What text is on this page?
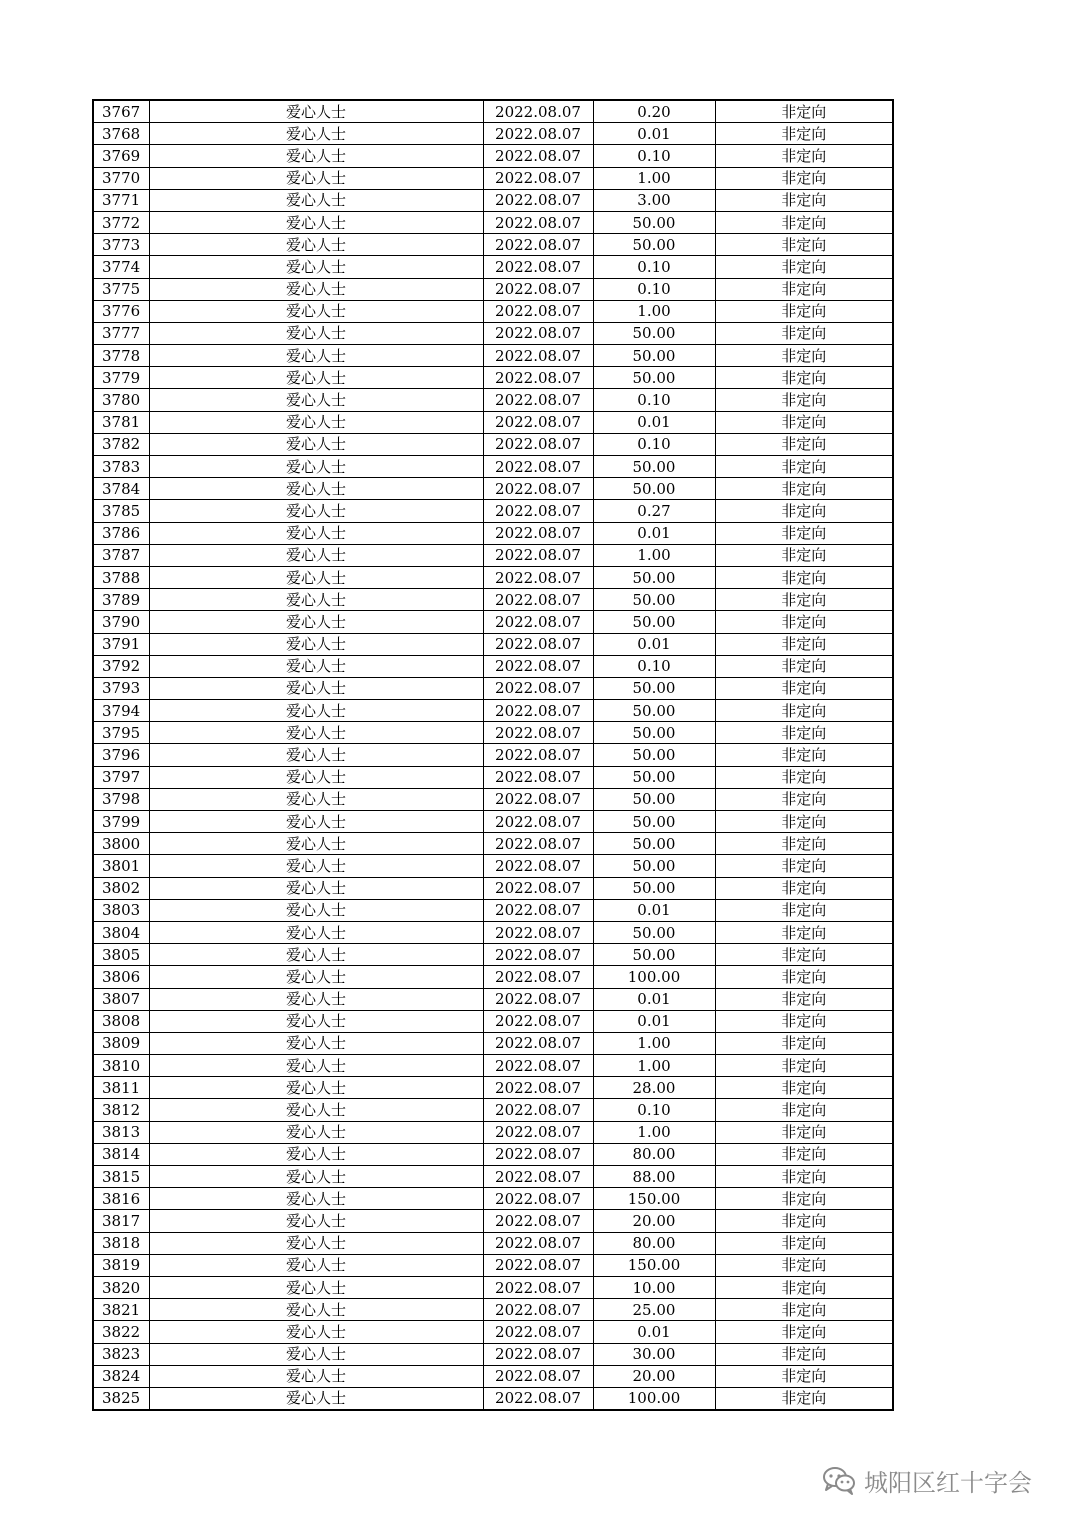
3767	爱心人士	2022.08.07	0.20	非定向
3768	爱心人士	2022.08.07	0.01	非定向
3769	爱心人士	2022.08.07	0.10	非定向
3770	爱心人士	2022.08.07	1.00	非定向
3771	爱心人士	2022.08.07	3.00	非定向
3772	爱心人士	2022.08.07	50.00	非定向
3773	爱心人士	2022.08.07	50.00	非定向
3774	爱心人士	2022.08.07	0.10	非定向
3775	爱心人士	2022.08.07	0.10	非定向
3776	爱心人士	2022.08.07	1.00	非定向
3777	爱心人士	2022.08.07	50.00	非定向
3778	爱心人士	2022.08.07	50.00	非定向
3779	爱心人士	2022.08.07	50.00	非定向
3780	爱心人士	2022.08.07	0.10	非定向
3781	爱心人士	2022.08.07	0.01	非定向
3782	爱心人士	2022.08.07	0.10	非定向
3783	爱心人士	2022.08.07	50.00	非定向
3784	爱心人士	2022.08.07	50.00	非定向
3785	爱心人士	2022.08.07	0.27	非定向
3786	爱心人士	2022.08.07	0.01	非定向
3787	爱心人士	2022.08.07	1.00	非定向
3788	爱心人士	2022.08.07	50.00	非定向
3789	爱心人士	2022.08.07	50.00	非定向
3790	爱心人士	2022.08.07	50.00	非定向
3791	爱心人士	2022.08.07	0.01	非定向
3792	爱心人士	2022.08.07	0.10	非定向
3793	爱心人士	2022.08.07	50.00	非定向
3794	爱心人士	2022.08.07	50.00	非定向
3795	爱心人士	2022.08.07	50.00	非定向
3796	爱心人士	2022.08.07	50.00	非定向
3797	爱心人士	2022.08.07	50.00	非定向
3798	爱心人士	2022.08.07	50.00	非定向
3799	爱心人士	2022.08.07	50.00	非定向
3800	爱心人士	2022.08.07	50.00	非定向
3801	爱心人士	2022.08.07	50.00	非定向
3802	爱心人士	2022.08.07	50.00	非定向
3803	爱心人士	2022.08.07	0.01	非定向
3804	爱心人士	2022.08.07	50.00	非定向
3805	爱心人士	2022.08.07	50.00	非定向
3806	爱心人士	2022.08.07	100.00	非定向
3807	爱心人士	2022.08.07	0.01	非定向
3808	爱心人士	2022.08.07	0.01	非定向
3809	爱心人士	2022.08.07	1.00	非定向
3810	爱心人士	2022.08.07	1.00	非定向
3811	爱心人士	2022.08.07	28.00	非定向
3812	爱心人士	2022.08.07	0.10	非定向
3813	爱心人士	2022.08.07	1.00	非定向
3814	爱心人士	2022.08.07	80.00	非定向
3815	爱心人士	2022.08.07	88.00	非定向
3816	爱心人士	2022.08.07	150.00	非定向
3817	爱心人士	2022.08.07	20.00	非定向
3818	爱心人士	2022.08.07	80.00	非定向
3819	爱心人士	2022.08.07	150.00	非定向
3820	爱心人士	2022.08.07	10.00	非定向
3821	爱心人士	2022.08.07	25.00	非定向
3822	爱心人士	2022.08.07	0.01	非定向
3823	爱心人士	2022.08.07	30.00	非定向
3824	爱心人士	2022.08.07	20.00	非定向
3825	爱心人士	2022.08.07	100.00	非定向
城阳区红十字会
